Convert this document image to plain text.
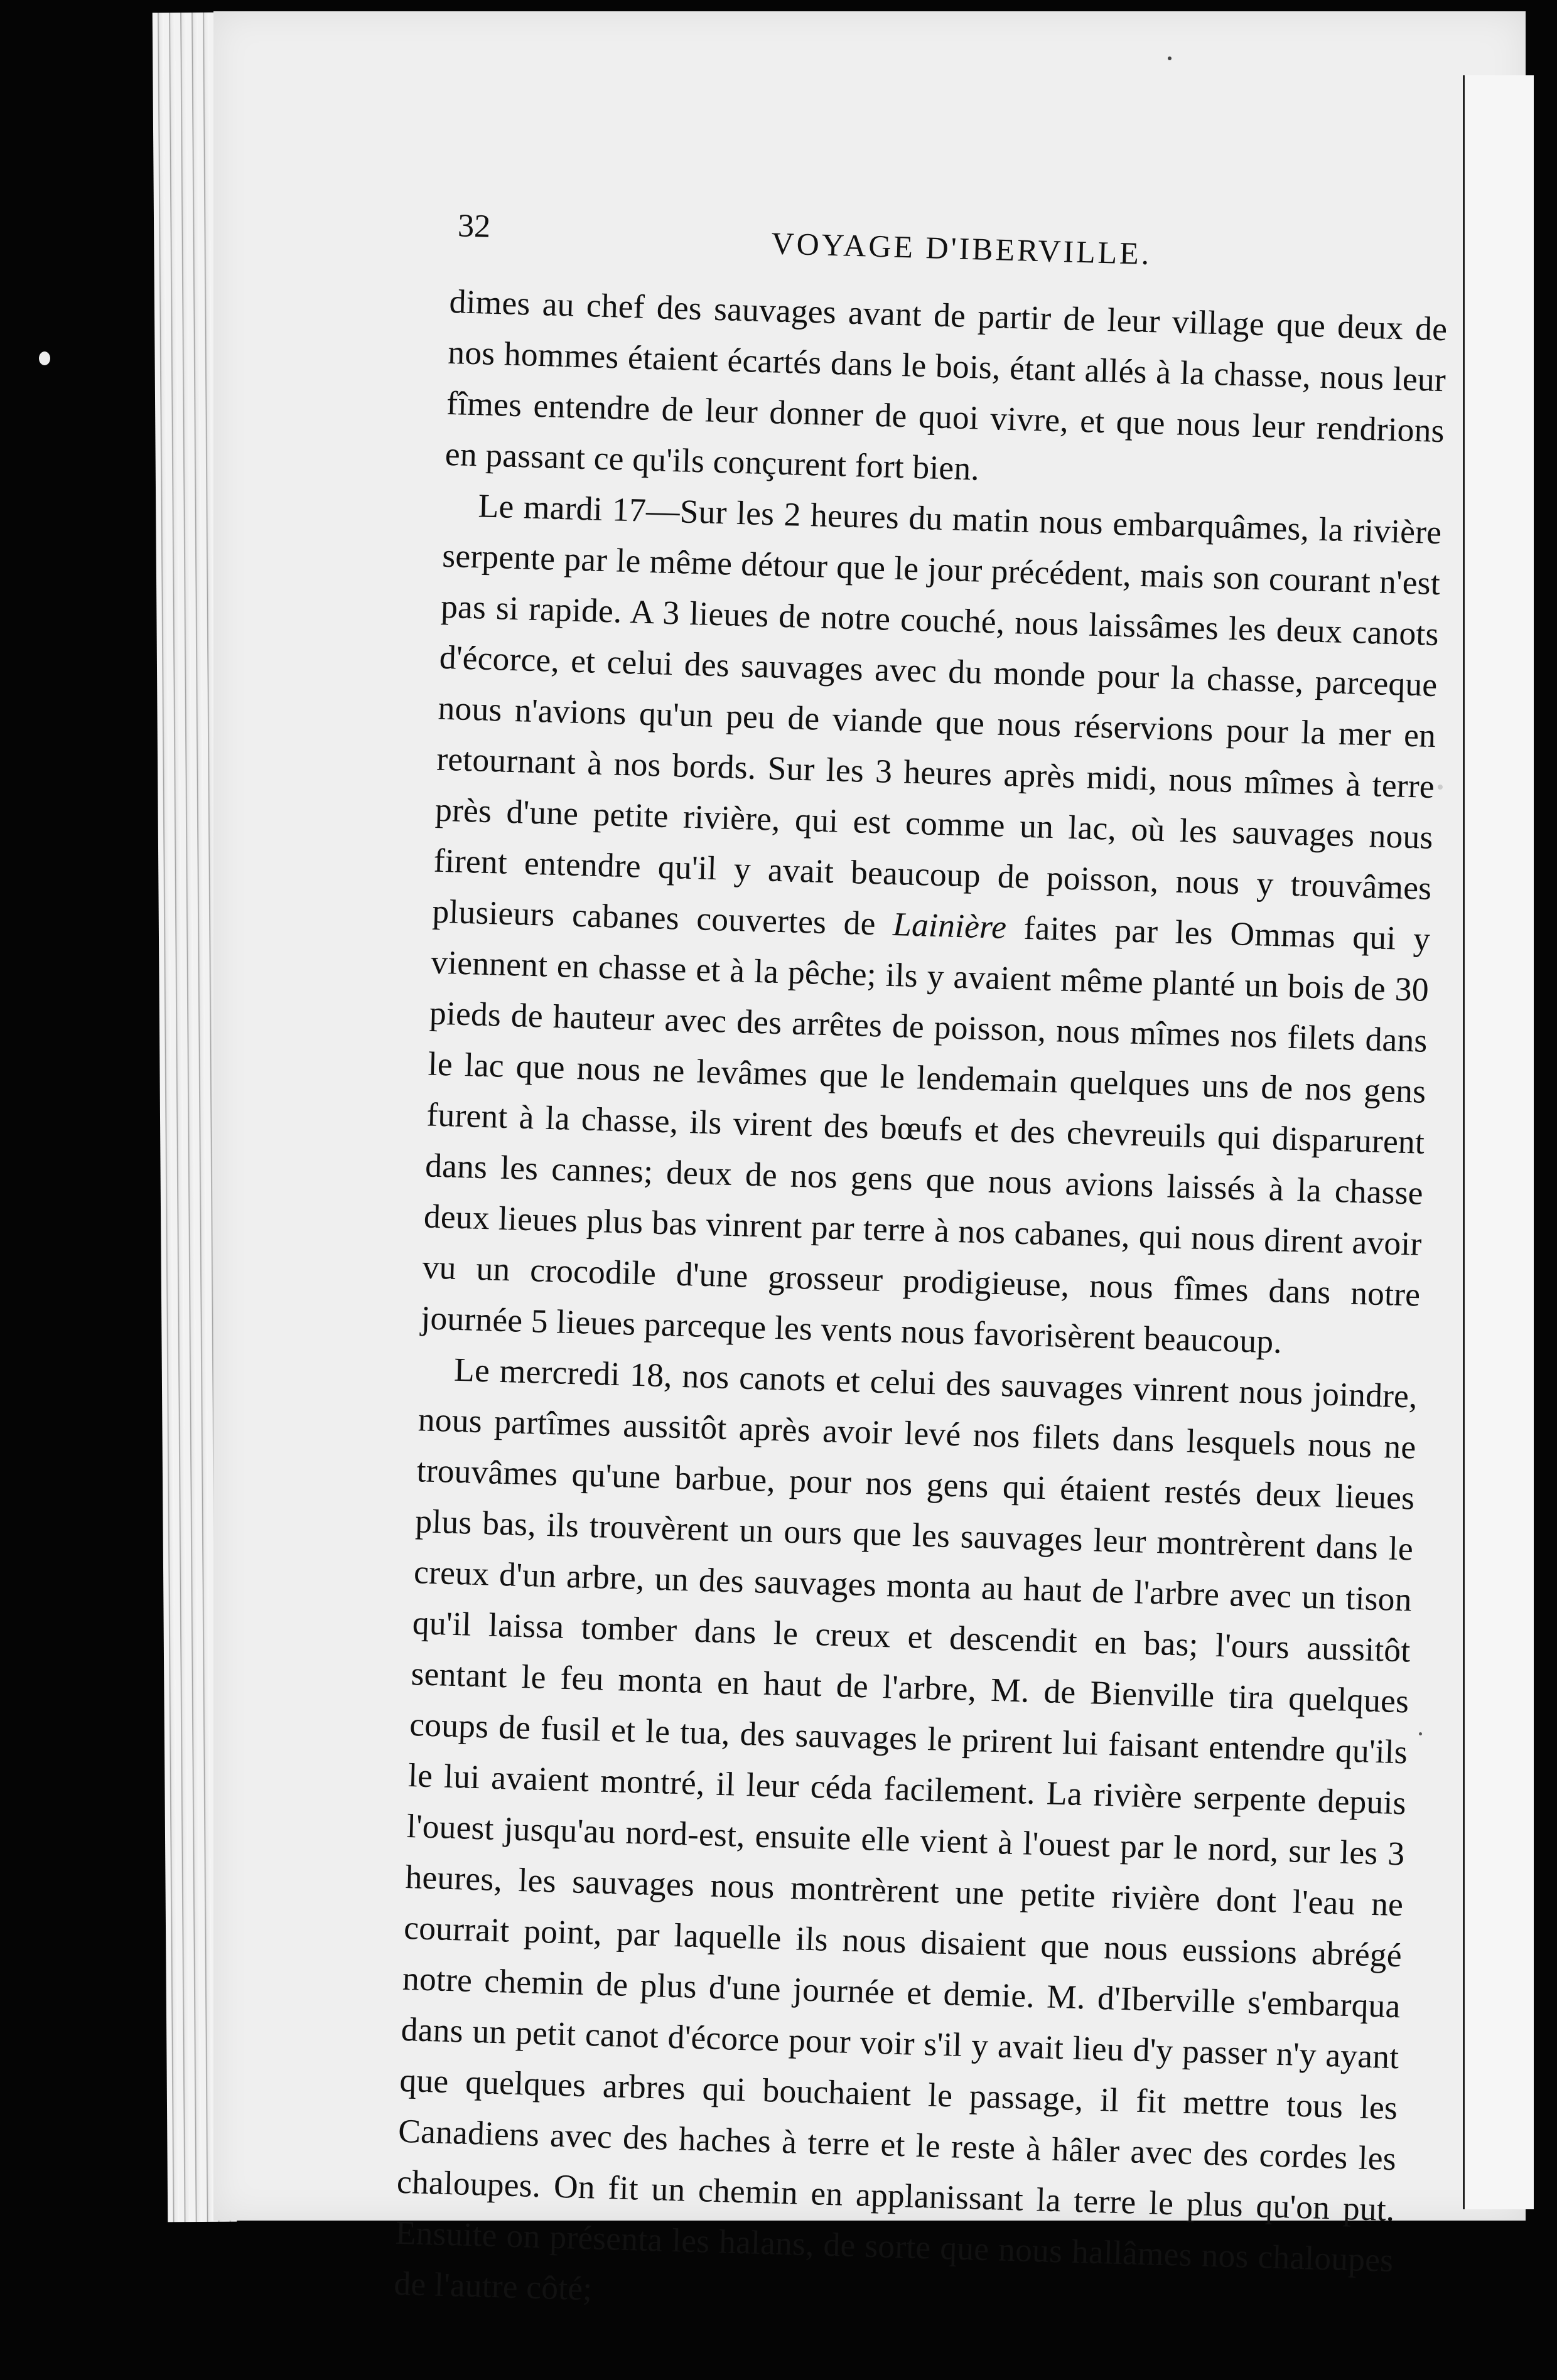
32	VOYAGE D'IBERVILLE.

dimes au chef des sauvages avant de partir de leur village que deux de nos hommes étaient écartés dans le bois, étant allés à la chasse, nous leur fîmes entendre de leur donner de quoi vivre, et que nous leur rendrions en passant ce qu'ils conçurent fort bien.
Le mardi 17—Sur les 2 heures du matin nous embarquâmes, la rivière serpente par le même détour que le jour précédent, mais son courant n'est pas si rapide. A 3 lieues de notre couché, nous laissâmes les deux canots d'écorce, et celui des sauvages avec du monde pour la chasse, parceque nous n'avions qu'un peu de viande que nous réservions pour la mer en retournant à nos bords. Sur les 3 heures après midi, nous mîmes à terre près d'une petite rivière, qui est comme un lac, où les sauvages nous firent entendre qu'il y avait beaucoup de poisson, nous y trouvâmes plusieurs cabanes couvertes de Lainière faites par les Ommas qui y viennent en chasse et à la pêche; ils y avaient même planté un bois de 30 pieds de hauteur avec des arrêtes de poisson, nous mîmes nos filets dans le lac que nous ne levâmes que le lendemain quelques uns de nos gens furent à la chasse, ils virent des bœufs et des chevreuils qui disparurent dans les cannes; deux de nos gens que nous avions laissés à la chasse deux lieues plus bas vinrent par terre à nos cabanes, qui nous dirent avoir vu un crocodile d'une grosseur prodigieuse, nous fîmes dans notre journée 5 lieues parceque les vents nous favorisèrent beaucoup.
Le mercredi 18, nos canots et celui des sauvages vinrent nous joindre, nous partîmes aussitôt après avoir levé nos filets dans lesquels nous ne trouvâmes qu'une barbue, pour nos gens qui étaient restés deux lieues plus bas, ils trouvèrent un ours que les sauvages leur montrèrent dans le creux d'un arbre, un des sauvages monta au haut de l'arbre avec un tison qu'il laissa tomber dans le creux et descendit en bas; l'ours aussitôt sentant le feu monta en haut de l'arbre, M. de Bienville tira quelques coups de fusil et le tua, des sauvages le prirent lui faisant entendre qu'ils le lui avaient montré, il leur céda facilement. La rivière serpente depuis l'ouest jusqu'au nord-est, ensuite elle vient à l'ouest par le nord, sur les 3 heures, les sauvages nous montrèrent une petite rivière dont l'eau ne courrait point, par laquelle ils nous disaient que nous eussions abrégé notre chemin de plus d'une journée et demie. M. d'Iberville s'embarqua dans un petit canot d'écorce pour voir s'il y avait lieu d'y passer n'y ayant que quelques arbres qui bouchaient le passage, il fit mettre tous les Canadiens avec des haches à terre et le reste à hâler avec des cordes les chaloupes. On fit un chemin en applanissant la terre le plus qu'on put. Ensuite on présenta les halans, de sorte que nous hallâmes nos chaloupes de l'autre côté;
